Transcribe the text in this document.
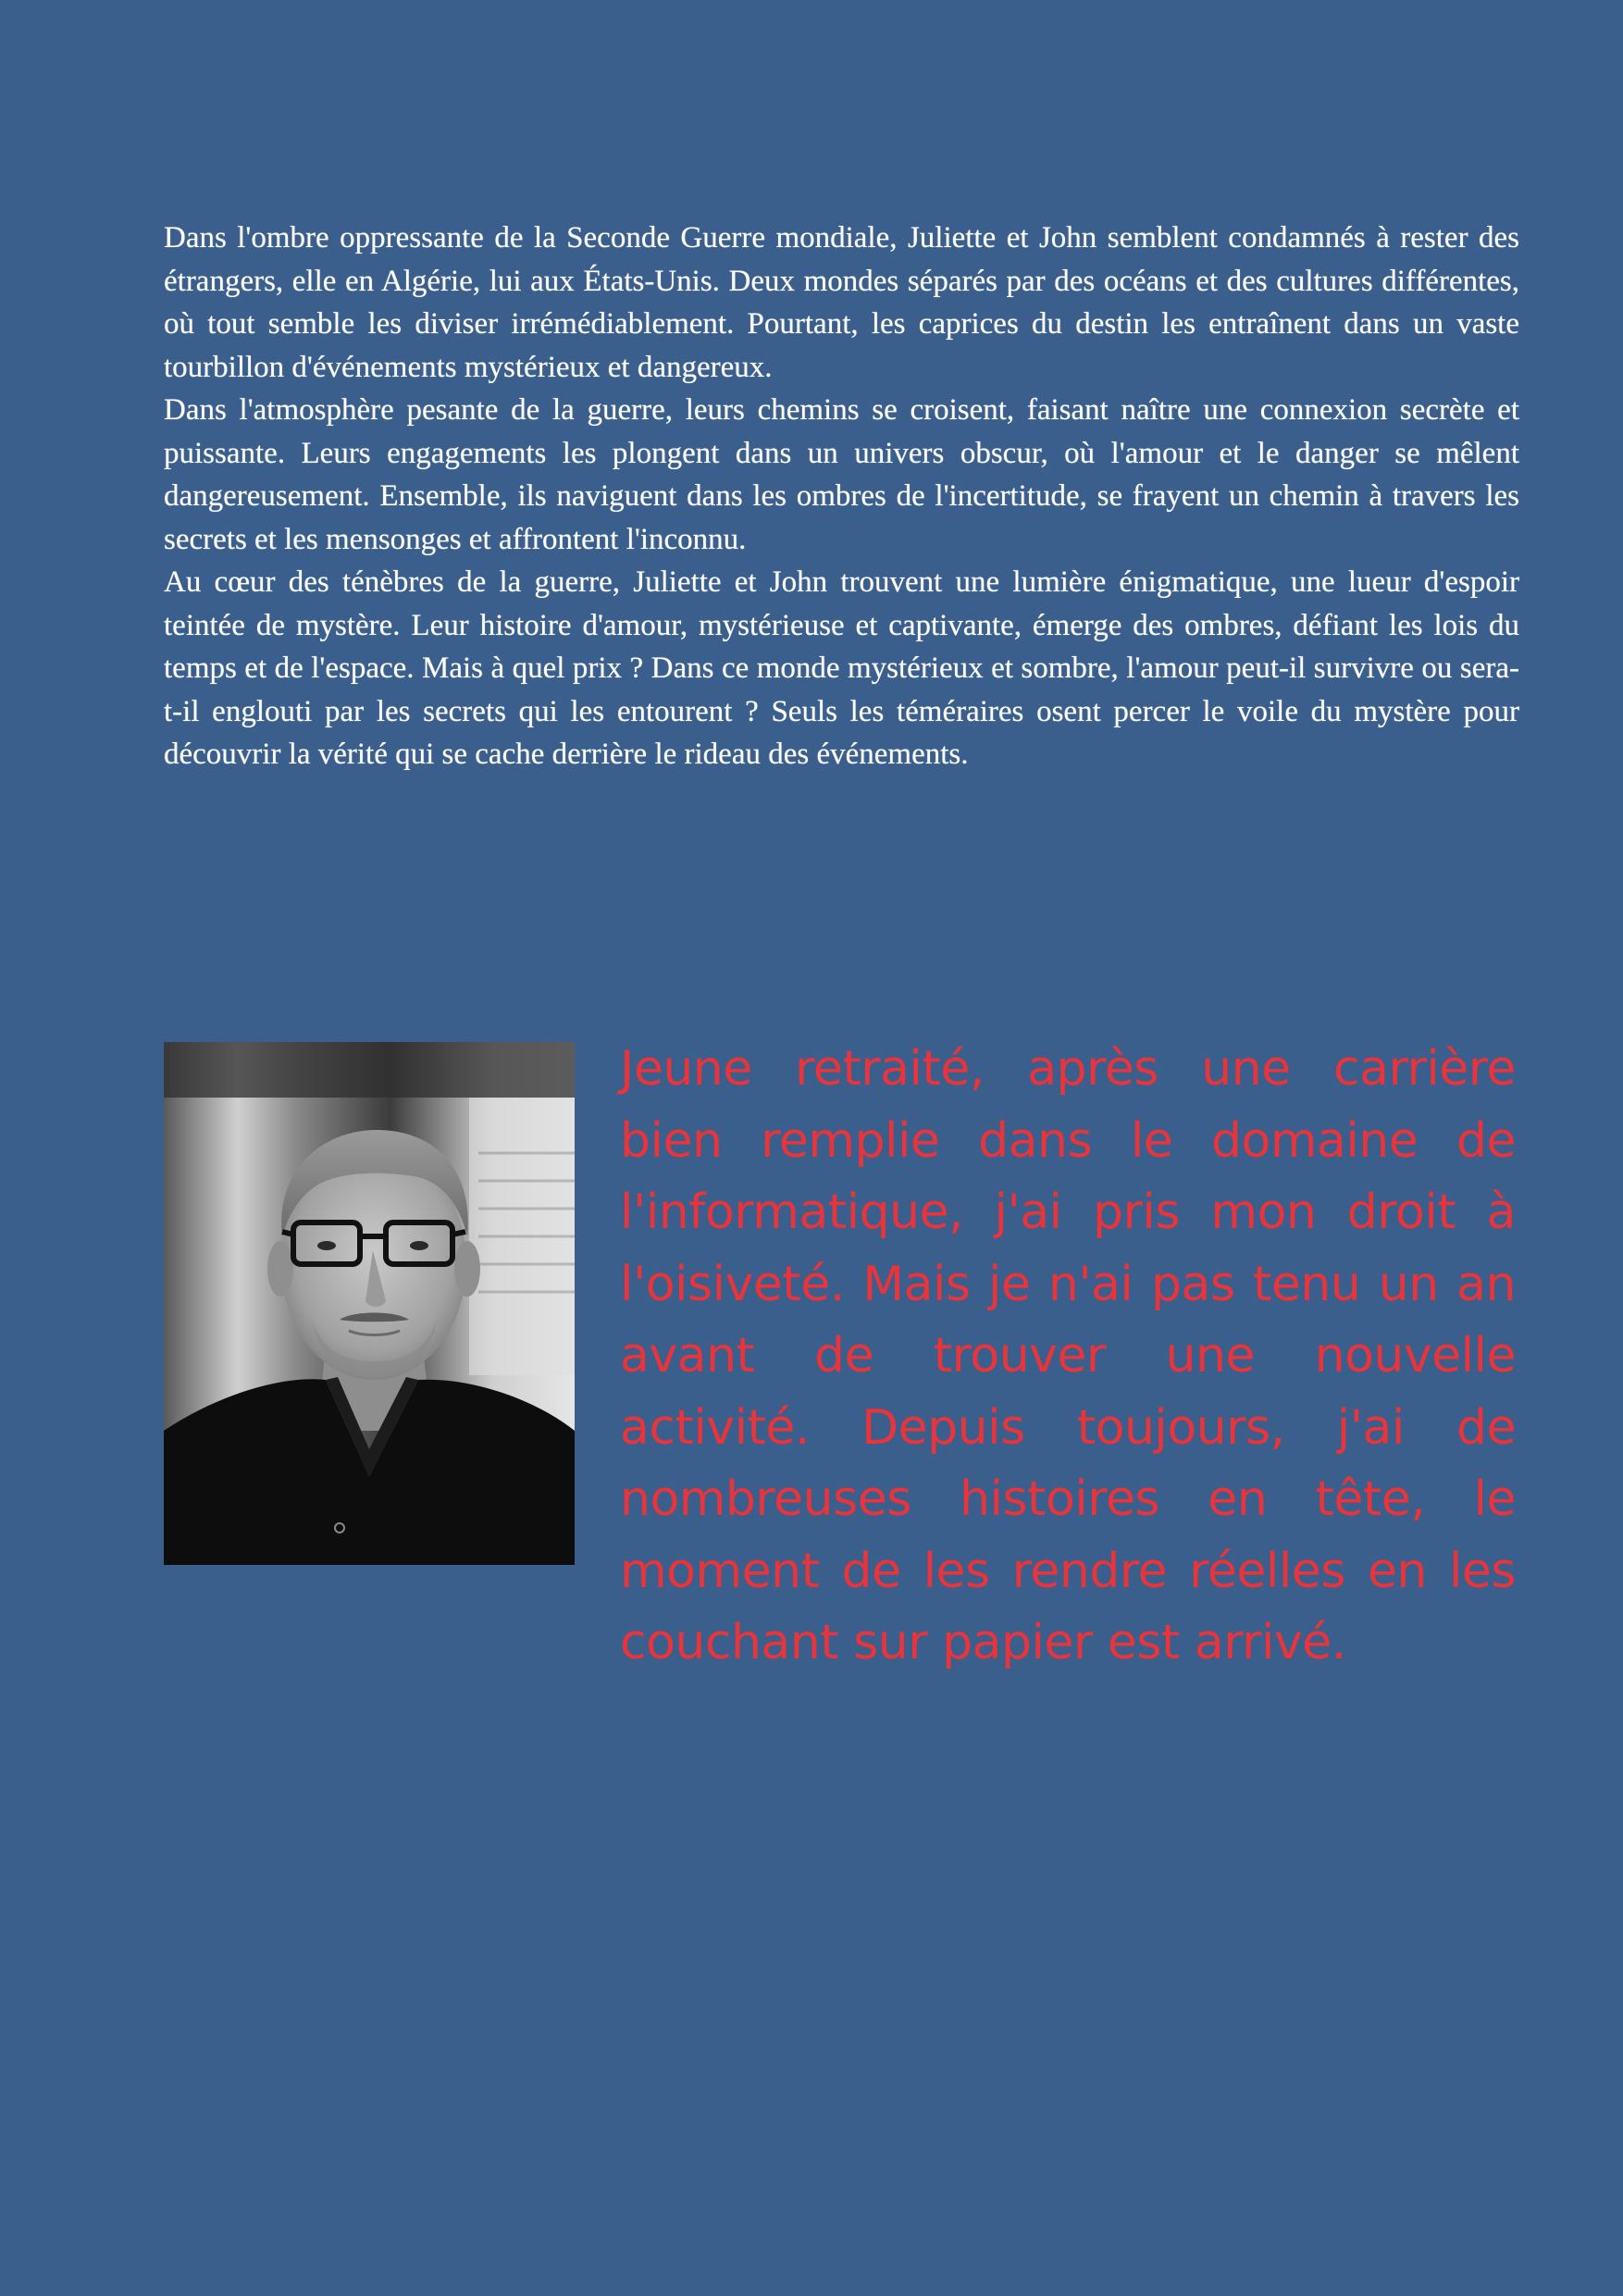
Dans l'ombre oppressante de la Seconde Guerre mondiale, Juliette et John semblent condamnés à rester des étrangers, elle en Algérie, lui aux États-Unis. Deux mondes séparés par des océans et des cultures différentes, où tout semble les diviser irrémédiablement. Pourtant, les caprices du destin les entraînent dans un vaste tourbillon d'événements mystérieux et dangereux.

Dans l'atmosphère pesante de la guerre, leurs chemins se croisent, faisant naître une connexion secrète et puissante. Leurs engagements les plongent dans un univers obscur, où l'amour et le danger se mêlent dangereusement. Ensemble, ils naviguent dans les ombres de l'incertitude, se frayent un chemin à travers les secrets et les mensonges et affrontent l'inconnu.

Au cœur des ténèbres de la guerre, Juliette et John trouvent une lumière énigmatique, une lueur d'espoir teintée de mystère. Leur histoire d'amour, mystérieuse et captivante, émerge des ombres, défiant les lois du temps et de l'espace. Mais à quel prix ? Dans ce monde mystérieux et sombre, l'amour peut-il survivre ou sera-t-il englouti par les secrets qui les entourent ? Seuls les téméraires osent percer le voile du mystère pour découvrir la vérité qui se cache derrière le rideau des événements.

Jeune retraité, après une carrière bien remplie dans le domaine de l'informatique, j'ai pris mon droit à l'oisiveté. Mais je n'ai pas tenu un an avant de trouver une nouvelle activité. Depuis toujours, j'ai de nombreuses histoires en tête, le moment de les rendre réelles en les couchant sur papier est arrivé.
